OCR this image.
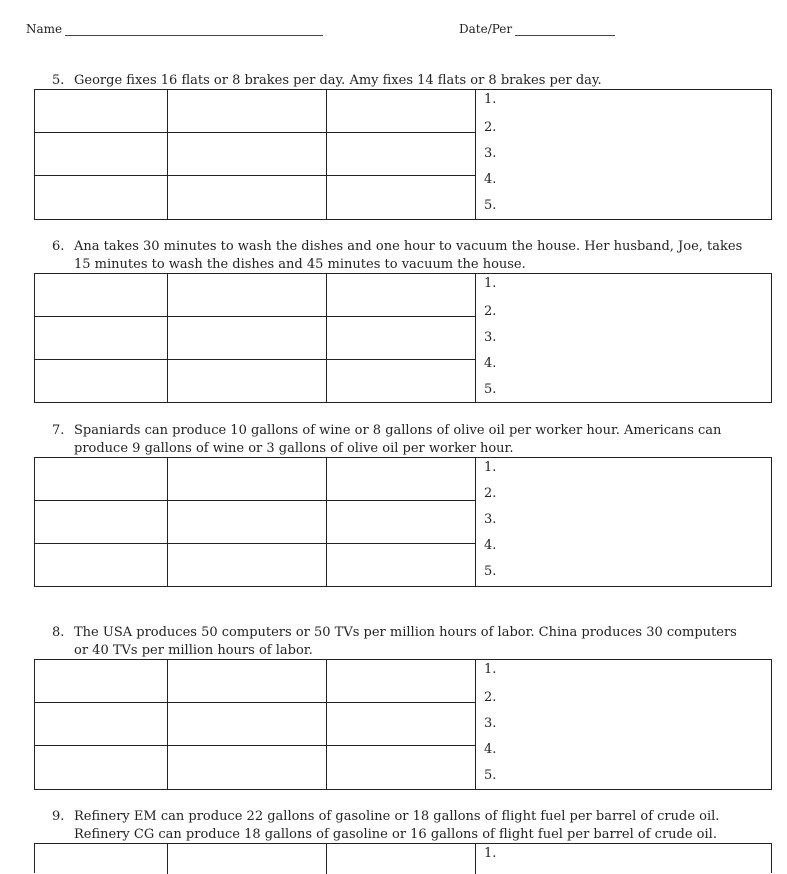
Name	Date/Per
5. George fixes 16 flats or 8 brakes per day. Amy fixes 14 flats or 8 brakes per day.
1.
2.
3.
4.
5.
6. Ana takes 30 minutes to wash the dishes and one hour to vacuum the house. Her husband, Joe, takes 15 minutes to wash the dishes and 45 minutes to vacuum the house.
1.
2.
3.
4.
5.
7. Spaniards can produce 10 gallons of wine or 8 gallons of olive oil per worker hour. Americans can produce 9 gallons of wine or 3 gallons of olive oil per worker hour.
1.
2.
3.
4.
5.
8. The USA produces 50 computers or 50 TVs per million hours of labor. China produces 30 computers or 40 TVs per million hours of labor.
1.
2.
3.
4.
5.
9. Refinery EM can produce 22 gallons of gasoline or 18 gallons of flight fuel per barrel of crude oil. Refinery CG can produce 18 gallons of gasoline or 16 gallons of flight fuel per barrel of crude oil.
1.
